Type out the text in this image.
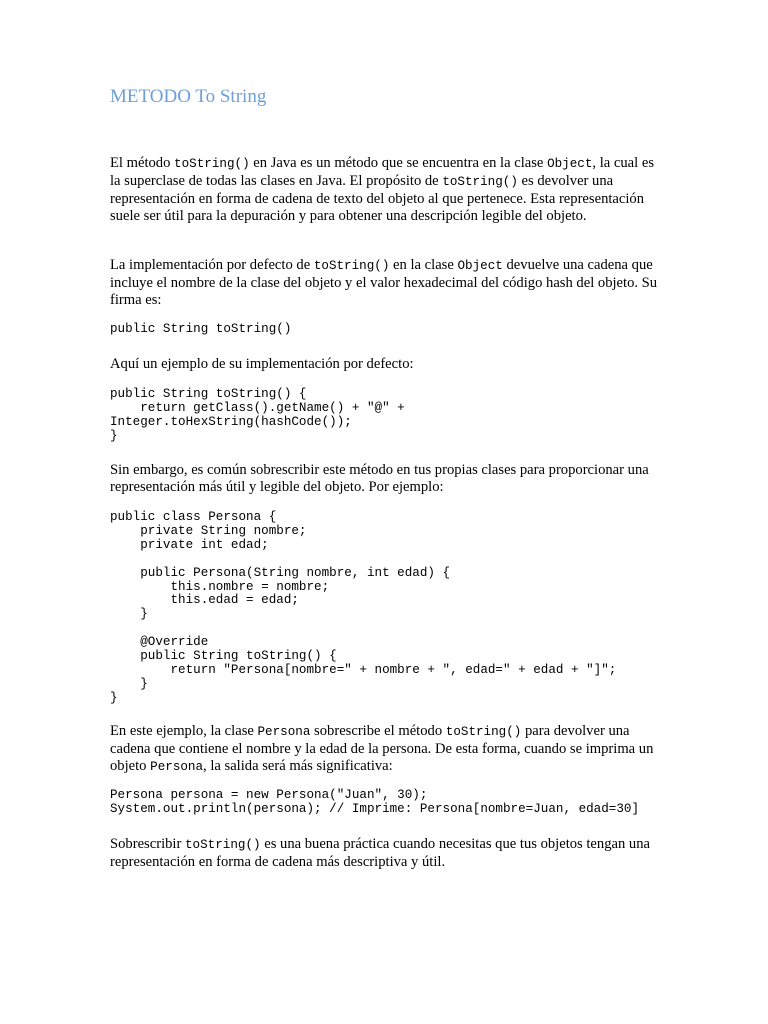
METODO To String

El método toString() en Java es un método que se encuentra en la clase Object, la cual es la superclase de todas las clases en Java. El propósito de toString() es devolver una representación en forma de cadena de texto del objeto al que pertenece. Esta representación suele ser útil para la depuración y para obtener una descripción legible del objeto.

La implementación por defecto de toString() en la clase Object devuelve una cadena que incluye el nombre de la clase del objeto y el valor hexadecimal del código hash del objeto. Su firma es:

public String toString()

Aquí un ejemplo de su implementación por defecto:

public String toString() {
return getClass().getName() + "@" +
Integer.toHexString(hashCode());
}

Sin embargo, es común sobrescribir este método en tus propias clases para proporcionar una representación más útil y legible del objeto. Por ejemplo:

public class Persona {
private String nombre;
private int edad;

public Persona(String nombre, int edad) {
this.nombre = nombre;
this.edad = edad;
}

@Override
public String toString() {
return "Persona[nombre=" + nombre + ", edad=" + edad + "]";
}
}

En este ejemplo, la clase Persona sobrescribe el método toString() para devolver una cadena que contiene el nombre y la edad de la persona. De esta forma, cuando se imprima un objeto Persona, la salida será más significativa:

Persona persona = new Persona("Juan", 30);
System.out.println(persona); // Imprime: Persona[nombre=Juan, edad=30]

Sobrescribir toString() es una buena práctica cuando necesitas que tus objetos tengan una representación en forma de cadena más descriptiva y útil.
